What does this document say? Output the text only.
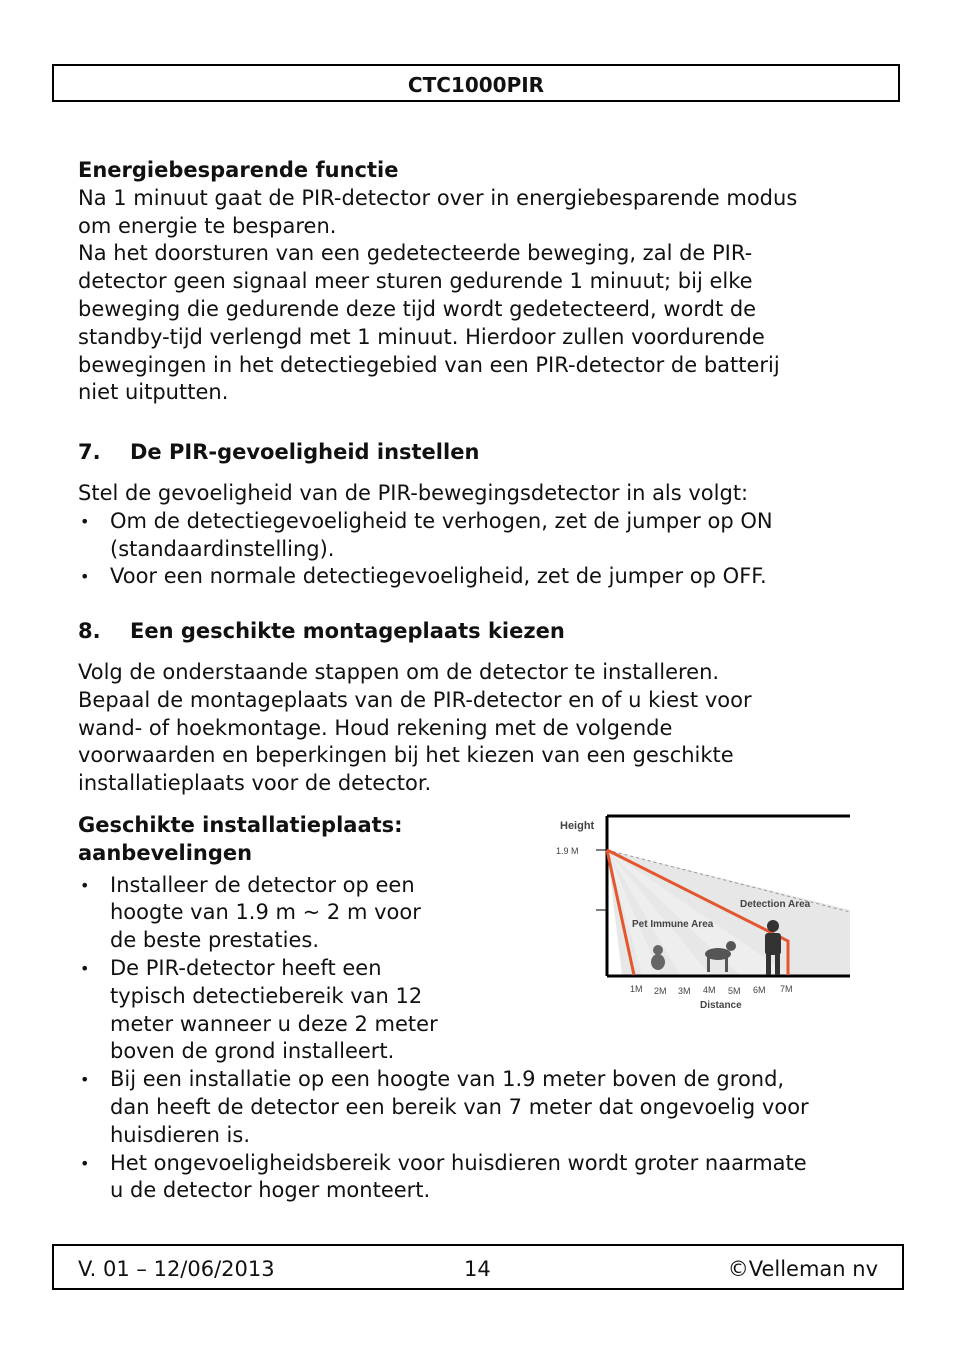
CTC1000PIR

Energiebesparende functie

Na 1 minuut gaat de PIR-detector over in energiebesparende modus

om energie te besparen.

Na het doorsturen van een gedetecteerde beweging, zal de PIR-

detector geen signaal meer sturen gedurende 1 minuut; bij elke

beweging die gedurende deze tijd wordt gedetecteerd, wordt de

standby-tijd verlengd met 1 minuut. Hierdoor zullen voordurende

bewegingen in het detectiegebied van een PIR-detector de batterij

niet uitputten.

7. De PIR-gevoeligheid instellen

Stel de gevoeligheid van de PIR-bewegingsdetector in als volgt:

• Om de detectiegevoeligheid te verhogen, zet de jumper op ON
(standaardinstelling).
• Voor een normale detectiegevoeligheid, zet de jumper op OFF.
8. Een geschikte montageplaats kiezen

Volg de onderstaande stappen om de detector te installeren.

Bepaal de montageplaats van de PIR-detector en of u kiest voor

wand- of hoekmontage. Houd rekening met de volgende

voorwaarden en beperkingen bij het kiezen van een geschikte

installatieplaats voor de detector.

Geschikte installatieplaats:

aanbevelingen

• Installeer de detector op een
hoogte van 1.9 m ~ 2 m voor
de beste prestaties.
• De PIR-detector heeft een
typisch detectiebereik van 12
meter wanneer u deze 2 meter
boven de grond installeert.
• Bij een installatie op een hoogte van 1.9 meter boven de grond,
dan heeft de detector een bereik van 7 meter dat ongevoelig voor
huisdieren is.
• Het ongevoeligheidsbereik voor huisdieren wordt groter naarmate
u de detector hoger monteert.
Height
1.9 M
Detection Area
Pet Immune Area
1M 2M 3M 4M 5M 6M 7M
Distance
V. 01 – 12/06/2013	14	©Velleman nv
